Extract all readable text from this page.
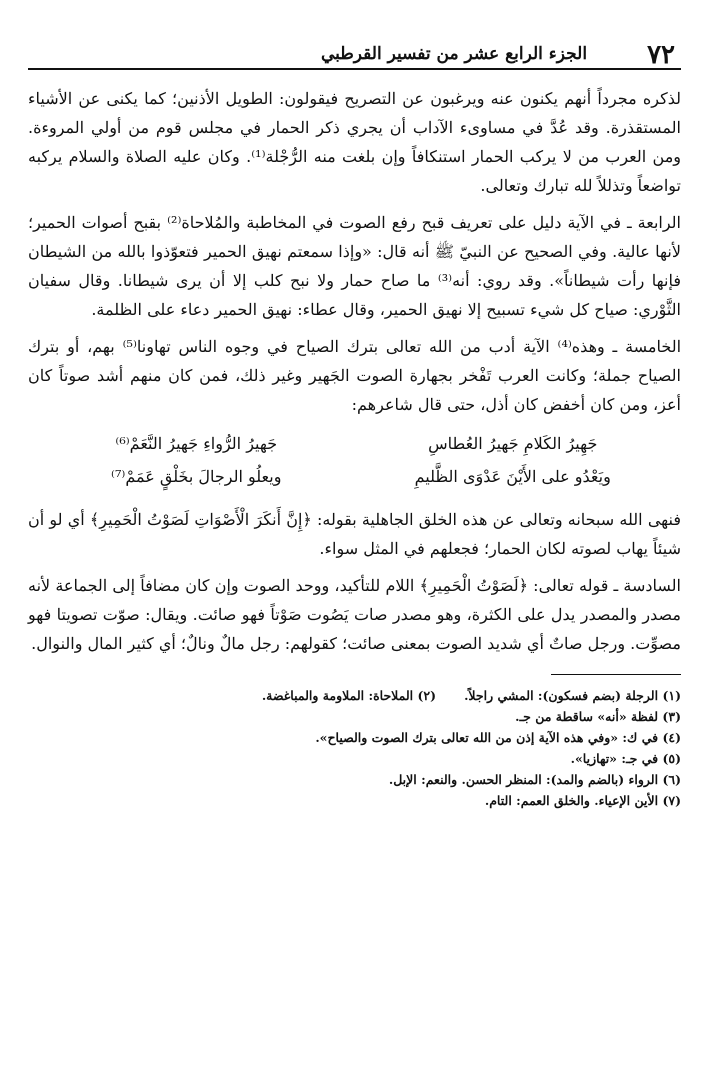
٧٢
الجزء الرابع عشر من تفسير القرطبي

لذكره مجرداً أنهم يكنون عنه ويرغبون عن التصريح فيقولون: الطويل الأذنين؛ كما يكنى عن الأشياء المستقذرة. وقد عُدَّ في مساوىء الآداب أن يجري ذكر الحمار في مجلس قوم من أولي المروءة. ومن العرب من لا يركب الحمار استنكافاً وإن بلغت منه الرُّجْلة⁽¹⁾. وكان عليه الصلاة والسلام يركبه تواضعاً وتذللاً لله تبارك وتعالى.

الرابعة ـ في الآية دليل على تعريف قبح رفع الصوت في المخاطبة والمُلاحاة⁽²⁾ بقبح أصوات الحمير؛ لأنها عالية. وفي الصحيح عن النبيّ ﷺ أنه قال: «وإذا سمعتم نهيق الحمير فتعوّذوا بالله من الشيطان فإنها رأت شيطاناً». وقد روي: أنه⁽³⁾ ما صاح حمار ولا نبح كلب إلا أن يرى شيطانا. وقال سفيان الثَّوْري: صياح كل شيء تسبيح إلا نهيق الحمير، وقال عطاء: نهيق الحمير دعاء على الظلمة.

الخامسة ـ وهذه⁽⁴⁾ الآية أدب من الله تعالى بترك الصياح في وجوه الناس تهاونا⁽⁵⁾ بهم، أو بترك الصياح جملة؛ وكانت العرب تَفْخر بجهارة الصوت الجَهير وغير ذلك، فمن كان منهم أشد صوتاً كان أعز، ومن كان أخفض كان أذل، حتى قال شاعرهم:

جَهِيرُ الكَلامِ جَهيرُ العُطاسِ
جَهيرُ الرُّواءِ جَهيرُ النَّعَمْ⁽⁶⁾
ويَعْدُو على الأَيْنَ عَدْوَى الظَّليمِ
ويعلُو الرجالَ بخَلْقٍ عَمَمْ⁽⁷⁾

فنهى الله سبحانه وتعالى عن هذه الخلق الجاهلية بقوله: ﴿إِنَّ أَنكَرَ الْأَصْوَاتِ لَصَوْتُ الْحَمِيرِ﴾ أي لو أن شيئاً يهاب لصوته لكان الحمار؛ فجعلهم في المثل سواء.

السادسة ـ قوله تعالى: ﴿لَصَوْتُ الْحَمِيرِ﴾ اللام للتأكيد، ووحد الصوت وإن كان مضافاً إلى الجماعة لأنه مصدر والمصدر يدل على الكثرة، وهو مصدر صات يَصُوت صَوْتاً فهو صائت. ويقال: صوّت تصويتا فهو مصوِّت. ورجل صاتٌ أي شديد الصوت بمعنى صائت؛ كقولهم: رجل مالٌ ونالٌ؛ أي كثير المال والنوال.

(١) الرجلة (بضم فسكون): المشي راجلاً.

(٢) الملاحاة: الملاومة والمباغضة.

(٣) لفظة «أنه» ساقطة من جـ.

(٤) في ك: «وفي هذه الآية إذن من الله تعالى بترك الصوت والصياح».

(٥) في جـ: «تهازيا».

(٦) الرواء (بالضم والمد): المنظر الحسن. والنعم: الإبل.

(٧) الأين الإعياء. والخلق العمم: التام.
